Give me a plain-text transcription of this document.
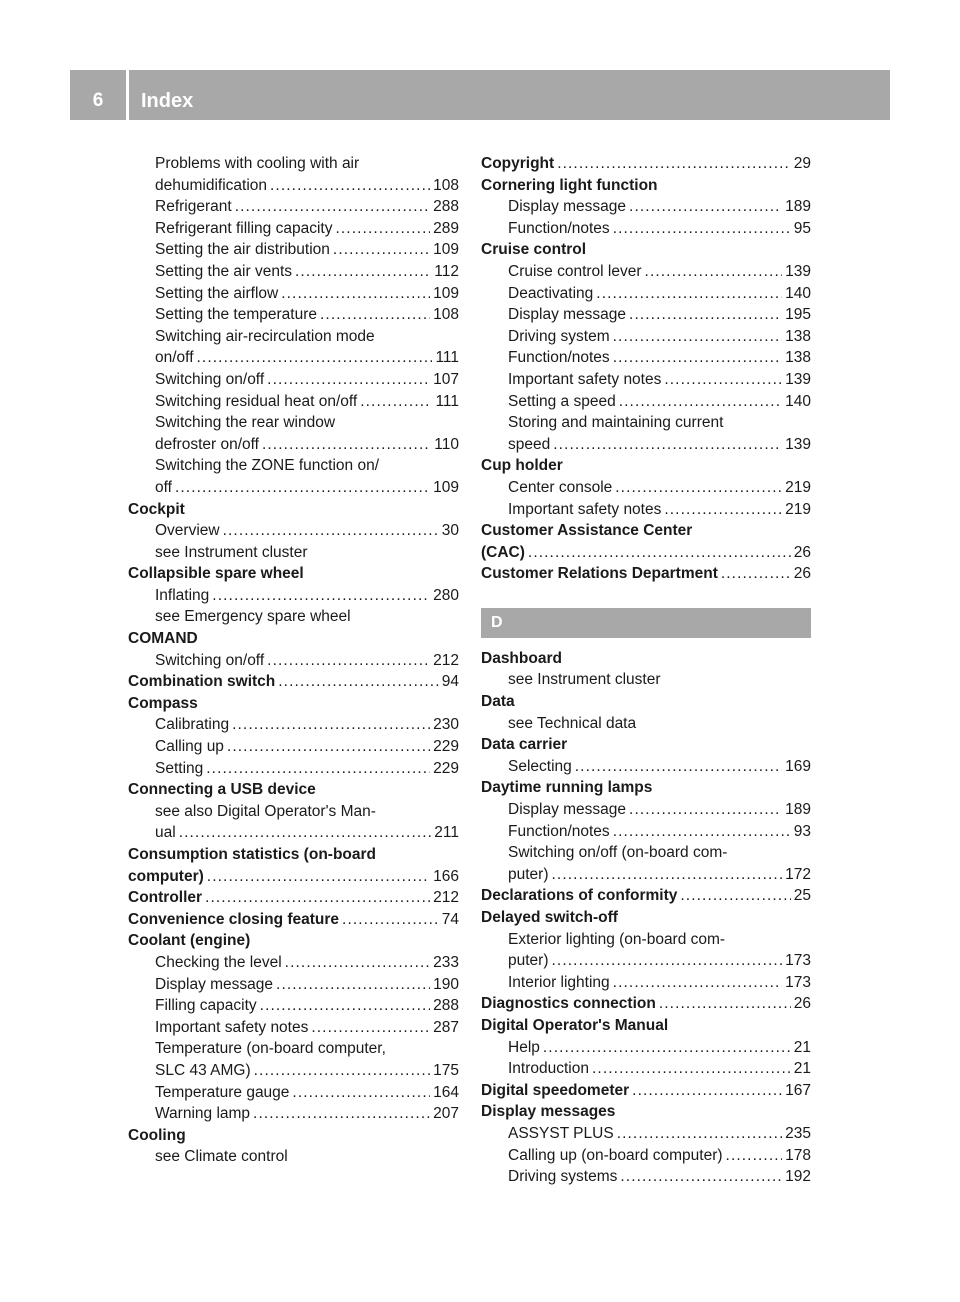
6	Index
Problems with cooling with air
dehumidification . . .	108
Refrigerant . . .	288
Refrigerant filling capacity . . .	289
Setting the air distribution . . .	109
Setting the air vents . . .	112
Setting the airflow . . .	109
Setting the temperature . . .	108
Switching air-recirculation mode
on/off . . .	111
Switching on/off . . .	107
Switching residual heat on/off . . .	111
Switching the rear window
defroster on/off . . .	110
Switching the ZONE function on/
off . . .	109
Cockpit
Overview . . .	30
see Instrument cluster
Collapsible spare wheel
Inflating . . .	280
see Emergency spare wheel
COMAND
Switching on/off . . .	212
Combination switch . . .	94
Compass
Calibrating . . .	230
Calling up . . .	229
Setting . . .	229
Connecting a USB device
see also Digital Operator's Man-
ual . . .	211
Consumption statistics (on-board
computer) . . .	166
Controller . . .	212
Convenience closing feature . . .	74
Coolant (engine)
Checking the level . . .	233
Display message . . .	190
Filling capacity . . .	288
Important safety notes . . .	287
Temperature (on-board computer,
SLC 43 AMG) . . .	175
Temperature gauge . . .	164
Warning lamp . . .	207
Cooling
see Climate control
Copyright . . .	29
Cornering light function
Display message . . .	189
Function/notes . . .	95
Cruise control
Cruise control lever . . .	139
Deactivating . . .	140
Display message . . .	195
Driving system . . .	138
Function/notes . . .	138
Important safety notes . . .	139
Setting a speed . . .	140
Storing and maintaining current
speed . . .	139
Cup holder
Center console . . .	219
Important safety notes . . .	219
Customer Assistance Center
(CAC) . . .	26
Customer Relations Department . . .	26
D
Dashboard
see Instrument cluster
Data
see Technical data
Data carrier
Selecting . . .	169
Daytime running lamps
Display message . . .	189
Function/notes . . .	93
Switching on/off (on-board com-
puter) . . .	172
Declarations of conformity . . .	25
Delayed switch-off
Exterior lighting (on-board com-
puter) . . .	173
Interior lighting . . .	173
Diagnostics connection . . .	26
Digital Operator's Manual
Help . . .	21
Introduction . . .	21
Digital speedometer . . .	167
Display messages
ASSYST PLUS . . .	235
Calling up (on-board computer) . . .	178
Driving systems . . .	192
